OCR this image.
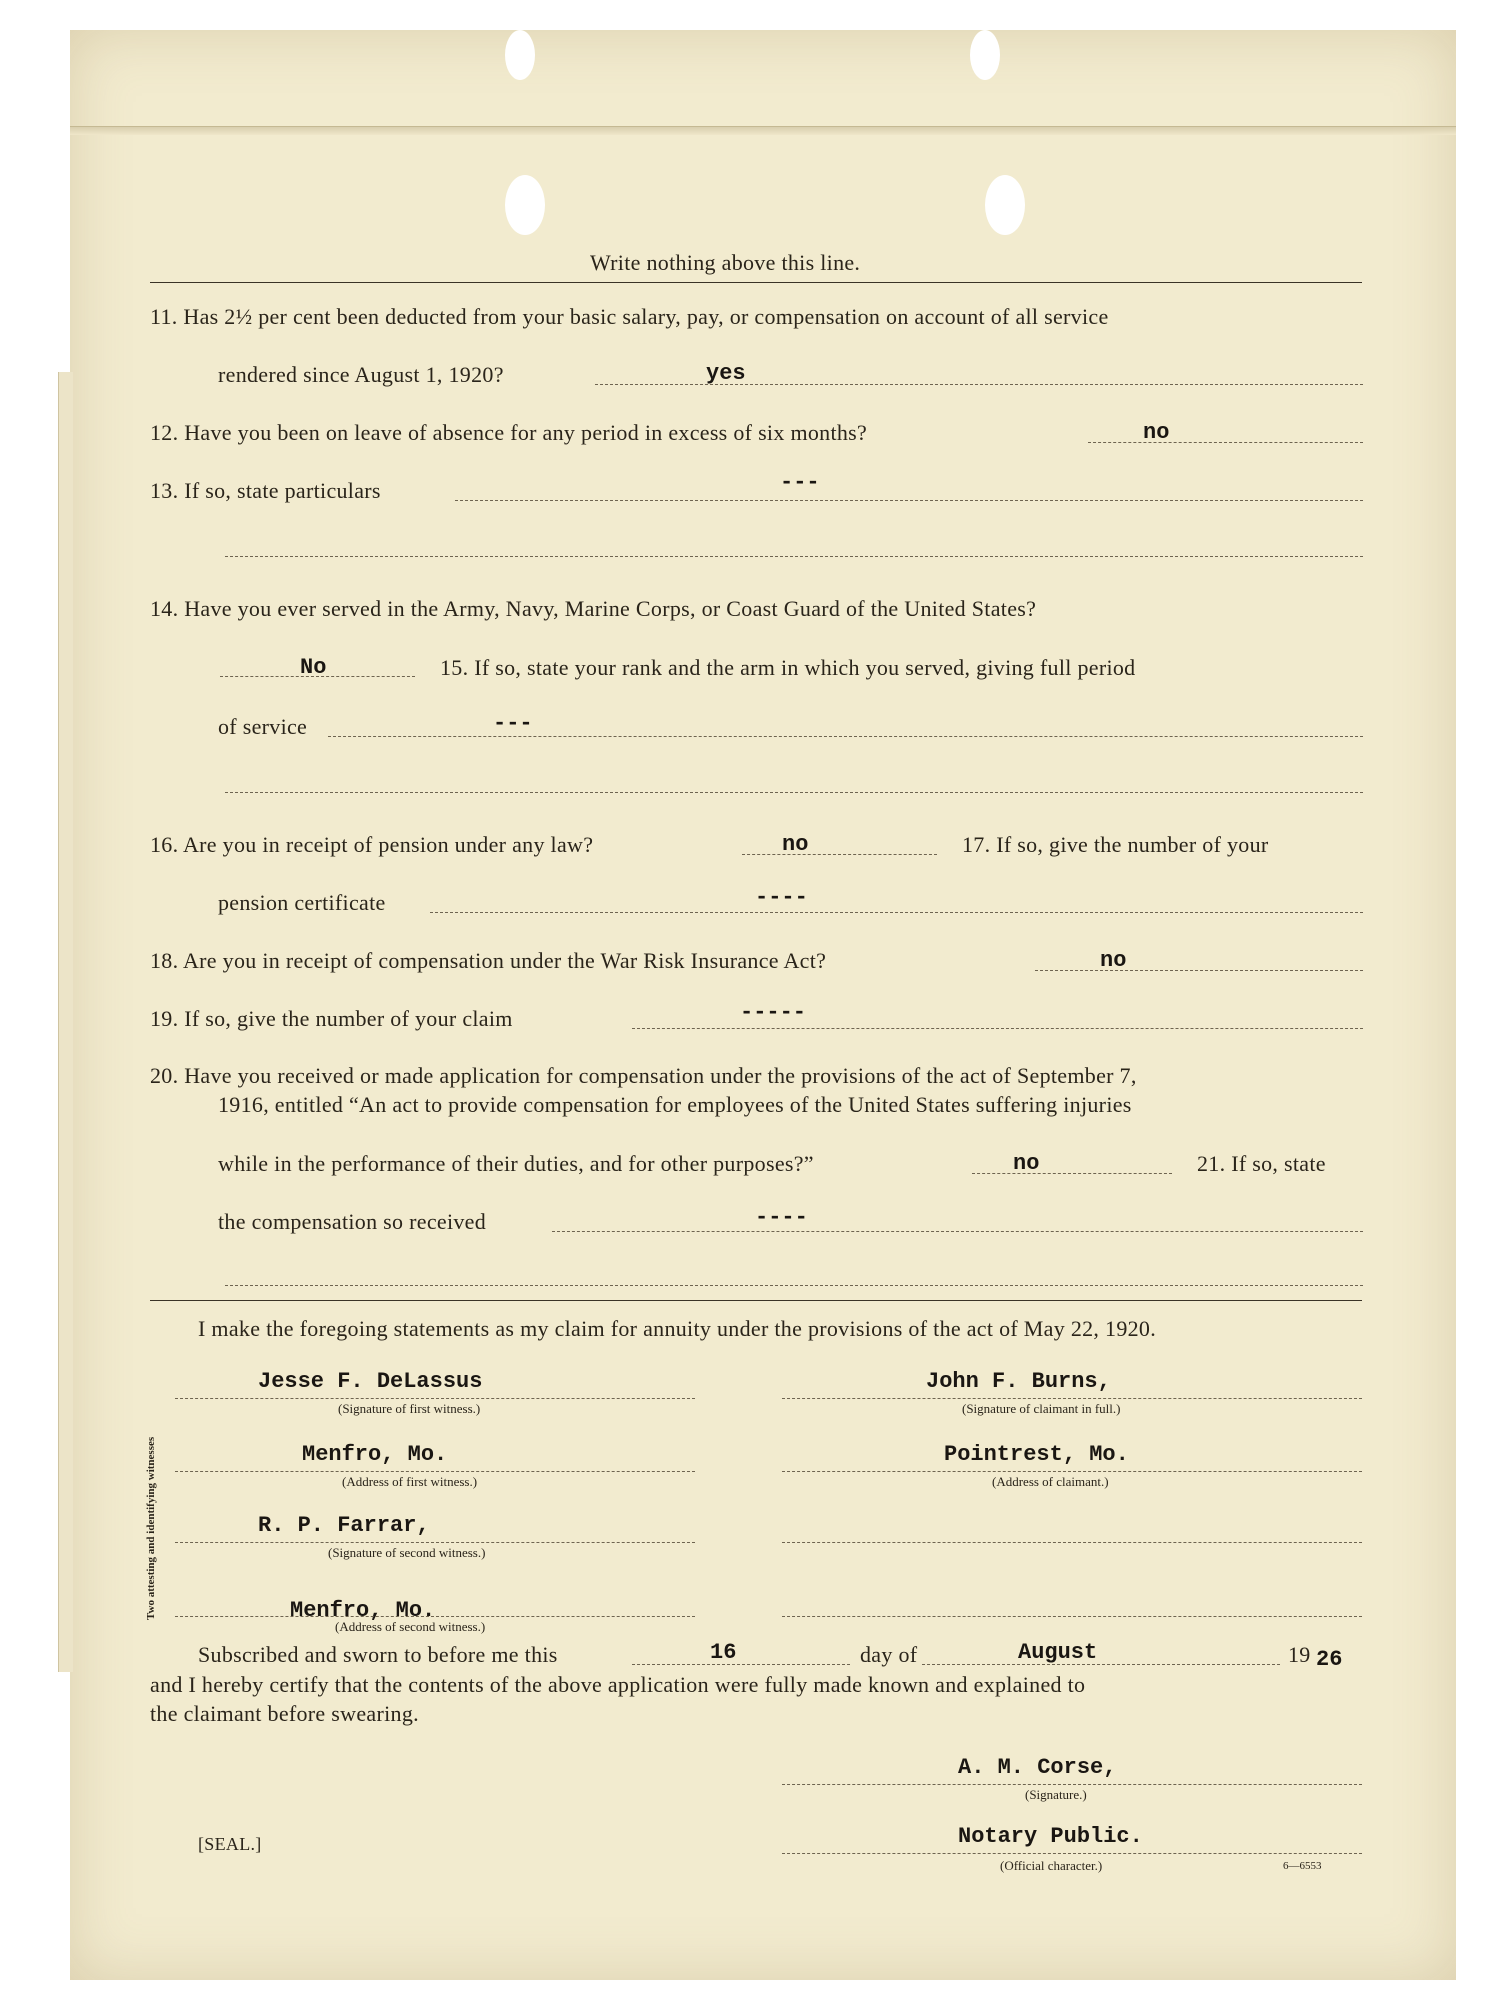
Write nothing above this line.
11. Has 2½ per cent been deducted from your basic salary, pay, or compensation on account of all service
rendered since August 1, 1920?	yes
12. Have you been on leave of absence for any period in excess of six months?	no
13. If so, state particulars	---
14. Have you ever served in the Army, Navy, Marine Corps, or Coast Guard of the United States?
No	15. If so, state your rank and the arm in which you served, giving full period
of service	---
16. Are you in receipt of pension under any law?	no	17. If so, give the number of your
pension certificate	----
18. Are you in receipt of compensation under the War Risk Insurance Act?	no
19. If so, give the number of your claim	-----
20. Have you received or made application for compensation under the provisions of the act of September 7,
1916, entitled “An act to provide compensation for employees of the United States suffering injuries
while in the performance of their duties, and for other purposes?”	no	21. If so, state
the compensation so received	----
I make the foregoing statements as my claim for annuity under the provisions of the act of May 22, 1920.
Two attesting and identifying witnesses
Jesse F. DeLassus
(Signature of first witness.)
Menfro, Mo.
(Address of first witness.)
R. P. Farrar,
(Signature of second witness.)
Menfro, Mo.
(Address of second witness.)
John F. Burns,
(Signature of claimant in full.)
Pointrest, Mo.
(Address of claimant.)
Subscribed and sworn to before me this	16	day of	August	19 26
and I hereby certify that the contents of the above application were fully made known and explained to
the claimant before swearing.
A. M. Corse,
(Signature.)
[SEAL.]	Notary Public.
(Official character.)	6—6553
